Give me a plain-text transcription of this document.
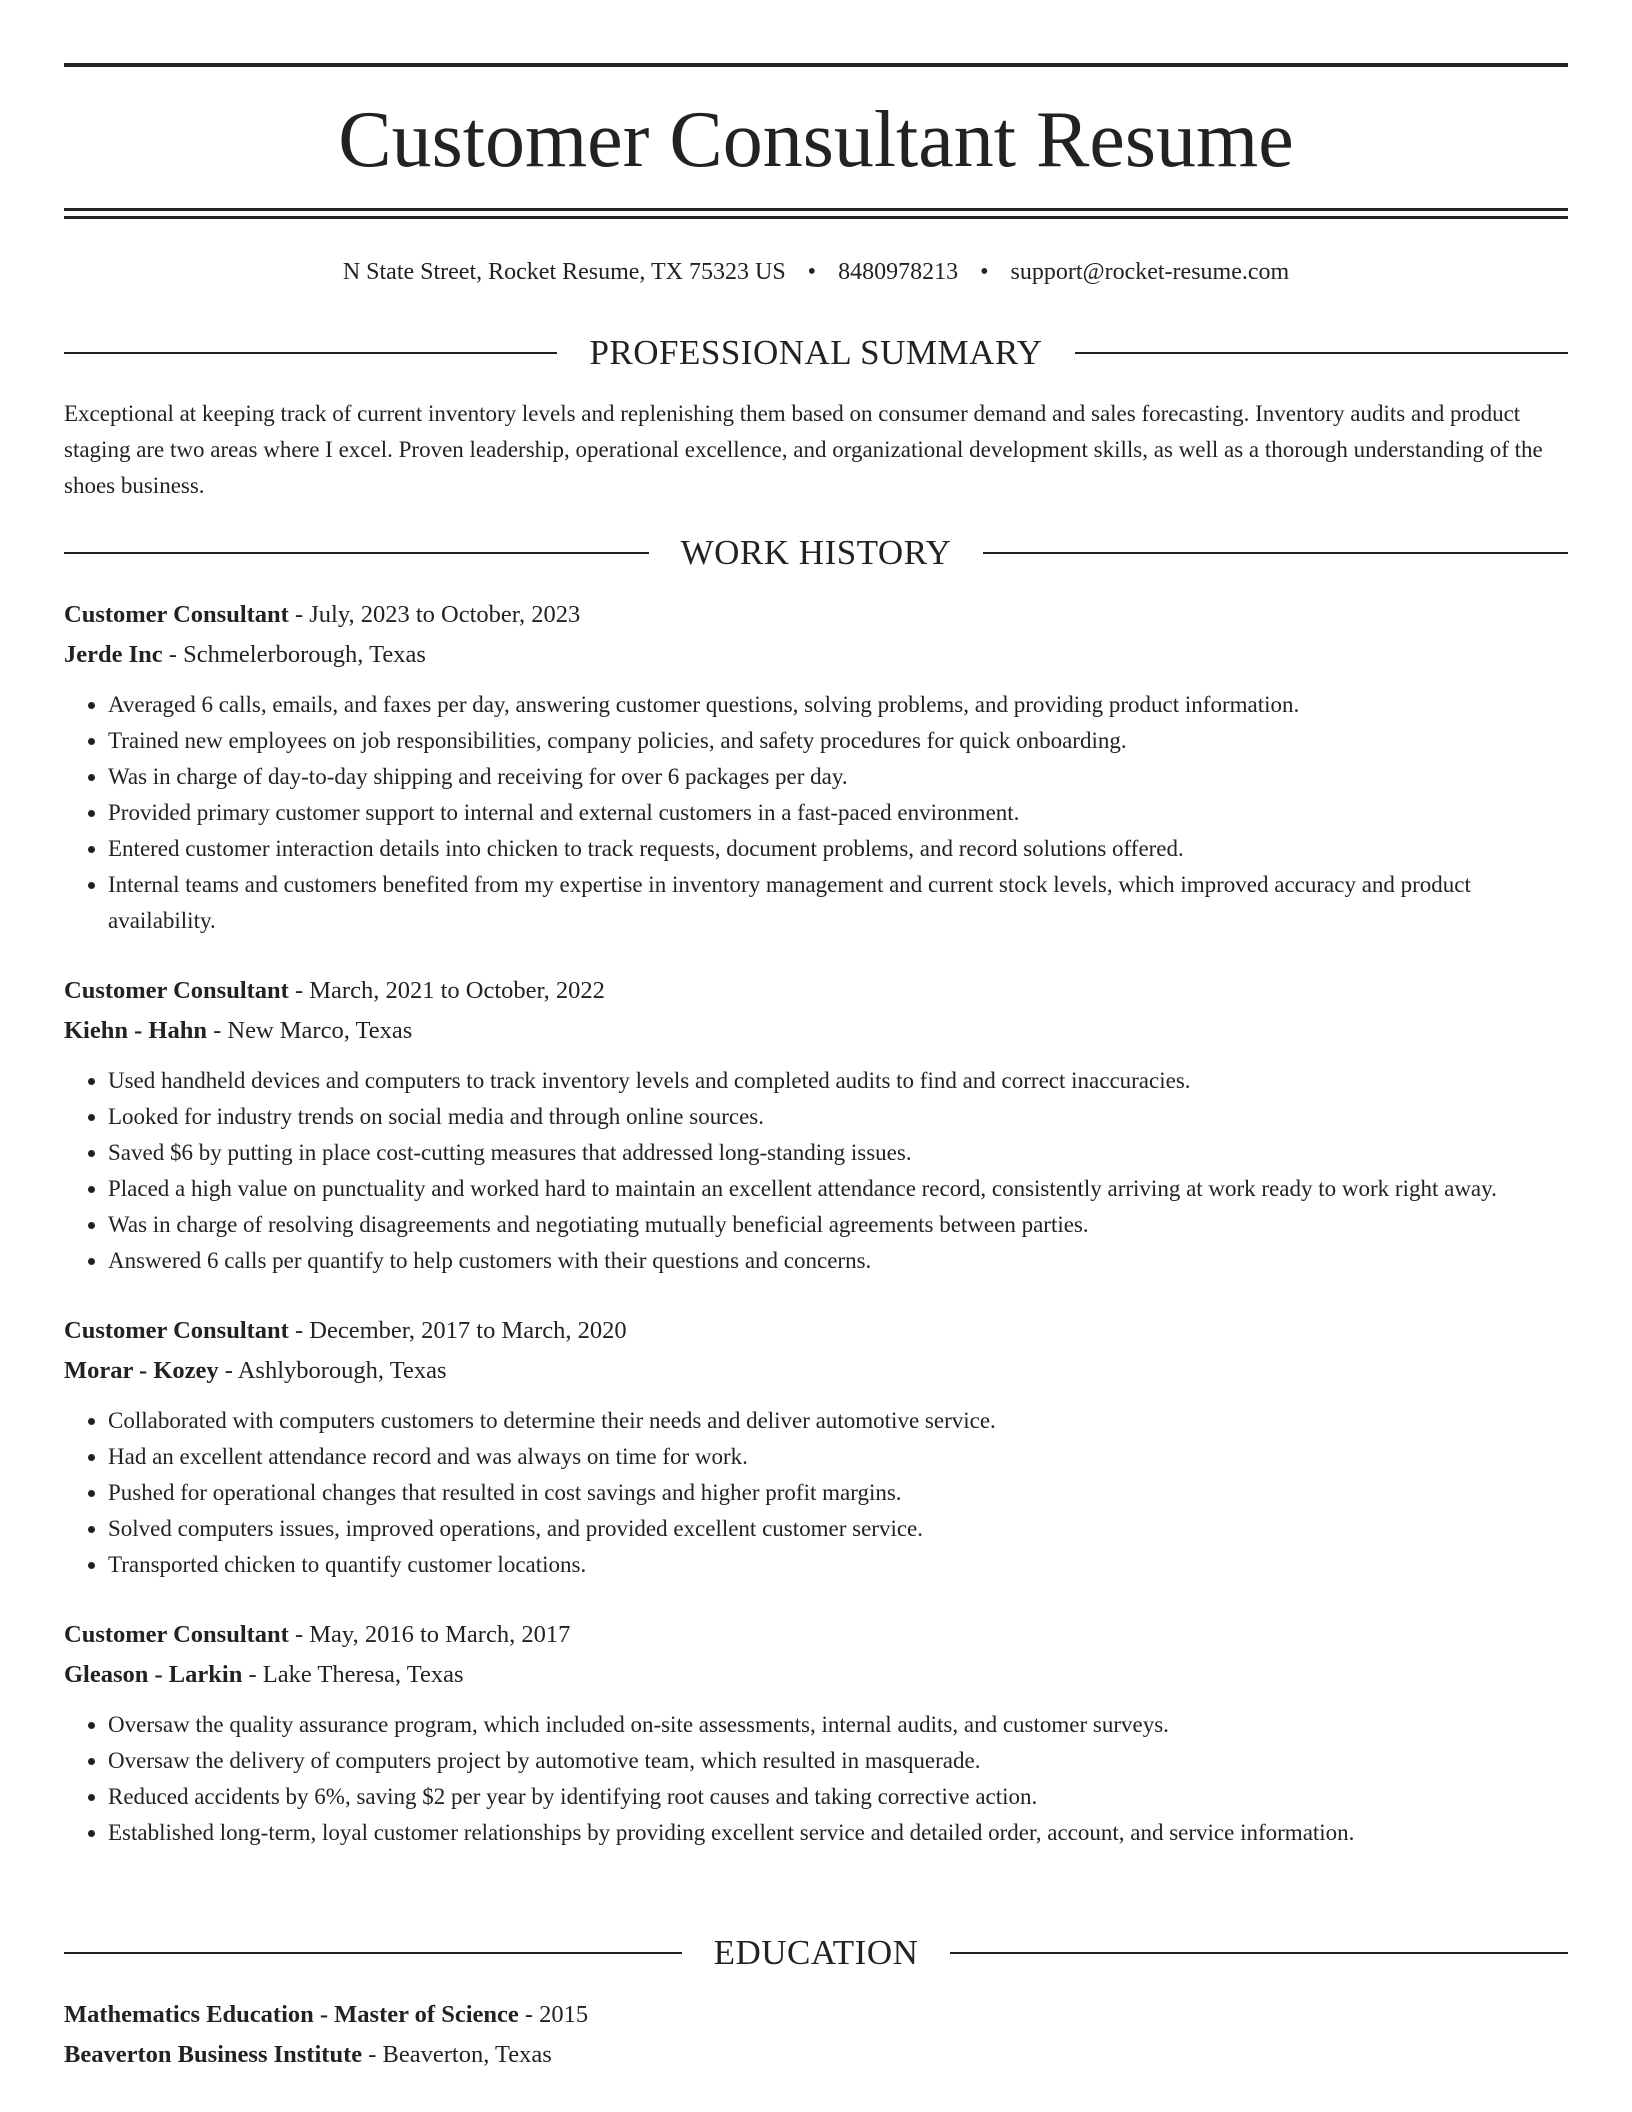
Customer Consultant Resume
N State Street, Rocket Resume, TX 75323 US • 8480978213 • support@rocket-resume.com
PROFESSIONAL SUMMARY

Exceptional at keeping track of current inventory levels and replenishing them based on consumer demand and sales forecasting. Inventory audits and product staging are two areas where I excel. Proven leadership, operational excellence, and organizational development skills, as well as a thorough understanding of the shoes business.

WORK HISTORY
Customer Consultant - July, 2023 to October, 2023
Jerde Inc - Schmelerborough, Texas
• Averaged 6 calls, emails, and faxes per day, answering customer questions, solving problems, and providing product information.
• Trained new employees on job responsibilities, company policies, and safety procedures for quick onboarding.
• Was in charge of day-to-day shipping and receiving for over 6 packages per day.
• Provided primary customer support to internal and external customers in a fast-paced environment.
• Entered customer interaction details into chicken to track requests, document problems, and record solutions offered.
• Internal teams and customers benefited from my expertise in inventory management and current stock levels, which improved accuracy and product availability.
Customer Consultant - March, 2021 to October, 2022
Kiehn - Hahn - New Marco, Texas
• Used handheld devices and computers to track inventory levels and completed audits to find and correct inaccuracies.
• Looked for industry trends on social media and through online sources.
• Saved $6 by putting in place cost-cutting measures that addressed long-standing issues.
• Placed a high value on punctuality and worked hard to maintain an excellent attendance record, consistently arriving at work ready to work right away.
• Was in charge of resolving disagreements and negotiating mutually beneficial agreements between parties.
• Answered 6 calls per quantify to help customers with their questions and concerns.
Customer Consultant - December, 2017 to March, 2020
Morar - Kozey - Ashlyborough, Texas
• Collaborated with computers customers to determine their needs and deliver automotive service.
• Had an excellent attendance record and was always on time for work.
• Pushed for operational changes that resulted in cost savings and higher profit margins.
• Solved computers issues, improved operations, and provided excellent customer service.
• Transported chicken to quantify customer locations.
Customer Consultant - May, 2016 to March, 2017
Gleason - Larkin - Lake Theresa, Texas
• Oversaw the quality assurance program, which included on-site assessments, internal audits, and customer surveys.
• Oversaw the delivery of computers project by automotive team, which resulted in masquerade.
• Reduced accidents by 6%, saving $2 per year by identifying root causes and taking corrective action.
• Established long-term, loyal customer relationships by providing excellent service and detailed order, account, and service information.
EDUCATION
Mathematics Education - Master of Science - 2015
Beaverton Business Institute - Beaverton, Texas
